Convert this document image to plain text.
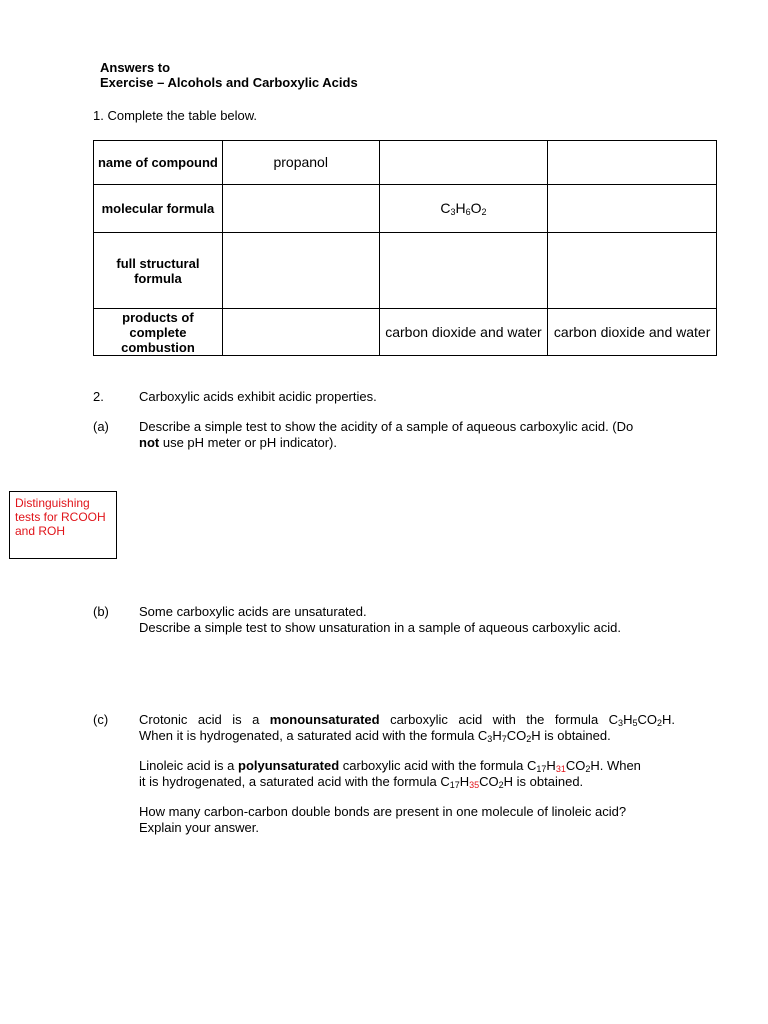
Answers to
Exercise – Alcohols and Carboxylic Acids
1. Complete the table below.
name of compound	propanol		
molecular formula		$C_3H_6O_2$	
full structural formula			
products of complete combustion		carbon dioxide and water	carbon dioxide and water
2.	Carboxylic acids exhibit acidic properties.
(a) Describe a simple test to show the acidity of a sample of aqueous carboxylic acid. (Do
not use pH meter or pH indicator).
Distinguishing tests for RCOOH and ROH
(b) Some carboxylic acids are unsaturated.
Describe a simple test to show unsaturation in a sample of aqueous carboxylic acid.
(c) Crotonic acid is a monounsaturated carboxylic acid with the formula $C_3H_5CO_2H$.
When it is hydrogenated, a saturated acid with the formula $C_3H_7CO_2H$ is obtained.
Linoleic acid is a polyunsaturated carboxylic acid with the formula $C_{17}H_{31}CO_2H$. When
it is hydrogenated, a saturated acid with the formula $C_{17}H_{35}CO_2H$ is obtained.
How many carbon-carbon double bonds are present in one molecule of linoleic acid?
Explain your answer.
